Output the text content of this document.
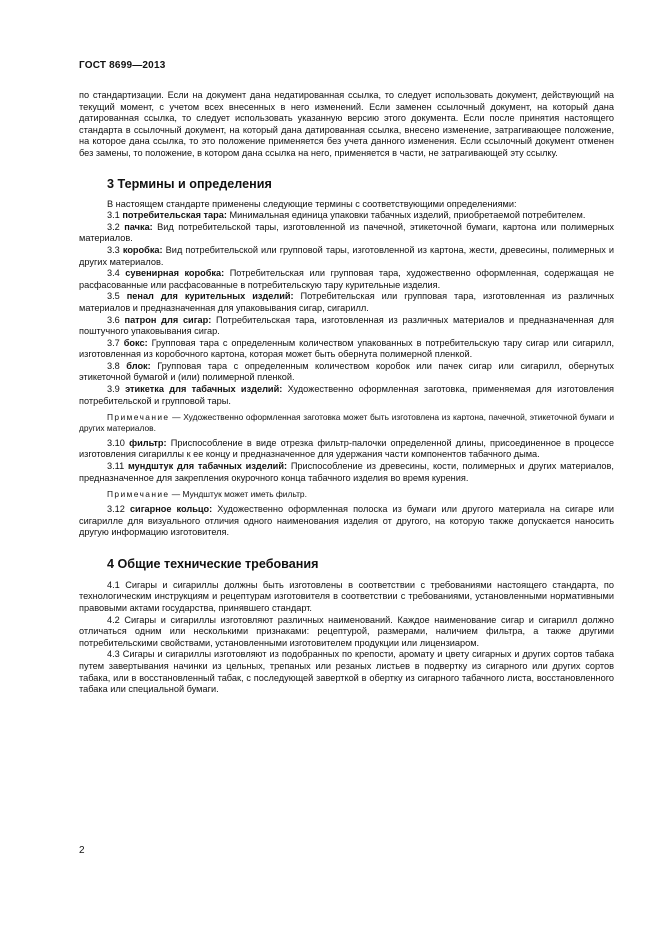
ГОСТ 8699—2013

по стандартизации. Если на документ дана недатированная ссылка, то следует использовать документ, действующий на текущий момент, с учетом всех внесенных в него изменений. Если заменен ссылочный документ, на который дана датированная ссылка, то следует использовать указанную версию этого документа. Если после принятия настоящего стандарта в ссылочный документ, на который дана датированная ссылка, внесено изменение, затрагивающее положение, на которое дана ссылка, то это положение применяется без учета данного изменения. Если ссылочный документ отменен без замены, то положение, в котором дана ссылка на него, применяется в части, не затрагивающей эту ссылку.

3 Термины и определения

В настоящем стандарте применены следующие термины с соответствующими определениями:

3.1 потребительская тара: Минимальная единица упаковки табачных изделий, приобретаемой потребителем.

3.2 пачка: Вид потребительской тары, изготовленной из пачечной, этикеточной бумаги, картона или полимерных материалов.

3.3 коробка: Вид потребительской или групповой тары, изготовленной из картона, жести, древесины, полимерных и других материалов.

3.4 сувенирная коробка: Потребительская или групповая тара, художественно оформленная, содержащая не расфасованные или расфасованные в потребительскую тару курительные изделия.

3.5 пенал для курительных изделий: Потребительская или групповая тара, изготовленная из различных материалов и предназначенная для упаковывания сигар, сигарилл.

3.6 патрон для сигар: Потребительская тара, изготовленная из различных материалов и предназначенная для поштучного упаковывания сигар.

3.7 бокс: Групповая тара с определенным количеством упакованных в потребительскую тару сигар или сигарилл, изготовленная из коробочного картона, которая может быть обернута полимерной пленкой.

3.8 блок: Групповая тара с определенным количеством коробок или пачек сигар или сигарилл, обернутых этикеточной бумагой и (или) полимерной пленкой.

3.9 этикетка для табачных изделий: Художественно оформленная заготовка, применяемая для изготовления потребительской и групповой тары.

Примечание — Художественно оформленная заготовка может быть изготовлена из картона, пачечной, этикеточной бумаги и других материалов.

3.10 фильтр: Приспособление в виде отрезка фильтр-палочки определенной длины, присоединенное в процессе изготовления сигариллы к ее концу и предназначенное для удержания части компонентов табачного дыма.

3.11 мундштук для табачных изделий: Приспособление из древесины, кости, полимерных и других материалов, предназначенное для закрепления окурочного конца табачного изделия во время курения.

Примечание — Мундштук может иметь фильтр.

3.12 сигарное кольцо: Художественно оформленная полоска из бумаги или другого материала на сигаре или сигарилле для визуального отличия одного наименования изделия от другого, на которую также допускается наносить другую информацию изготовителя.

4 Общие технические требования

4.1 Сигары и сигариллы должны быть изготовлены в соответствии с требованиями настоящего стандарта, по технологическим инструкциям и рецептурам изготовителя в соответствии с требованиями, установленными нормативными правовыми актами государства, принявшего стандарт.

4.2 Сигары и сигариллы изготовляют различных наименований. Каждое наименование сигар и сигарилл должно отличаться одним или несколькими признаками: рецептурой, размерами, наличием фильтра, а также другими потребительскими свойствами, установленными изготовителем продукции или лицензиаром.

4.3 Сигары и сигариллы изготовляют из подобранных по крепости, аромату и цвету сигарных и других сортов табака путем завертывания начинки из цельных, трепаных или резаных листьев в подвертку из сигарного или других сортов табака, или в восстановленный табак, с последующей заверткой в обертку из сигарного табачного листа, восстановленного табака или специальной бумаги.

2
